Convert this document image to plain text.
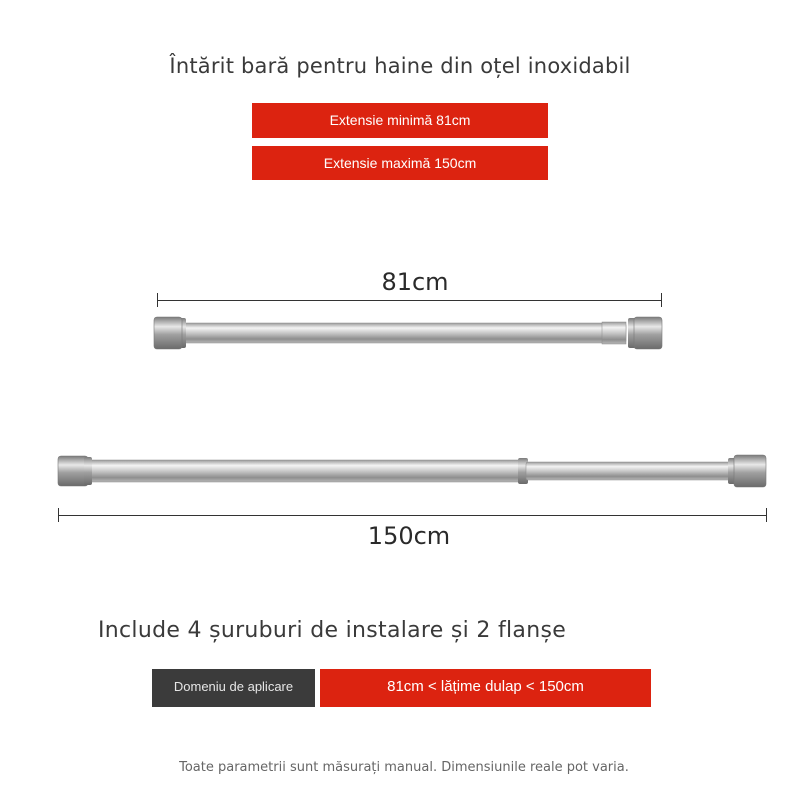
Întărit bară pentru haine din oțel inoxidabil
Extensie minimă 81cm
Extensie maximă 150cm
81cm
150cm
Include 4 șuruburi de instalare și 2 flanșe
Domeniu de aplicare	81cm < lățime dulap < 150cm
Toate parametrii sunt măsurați manual. Dimensiunile reale pot varia.
